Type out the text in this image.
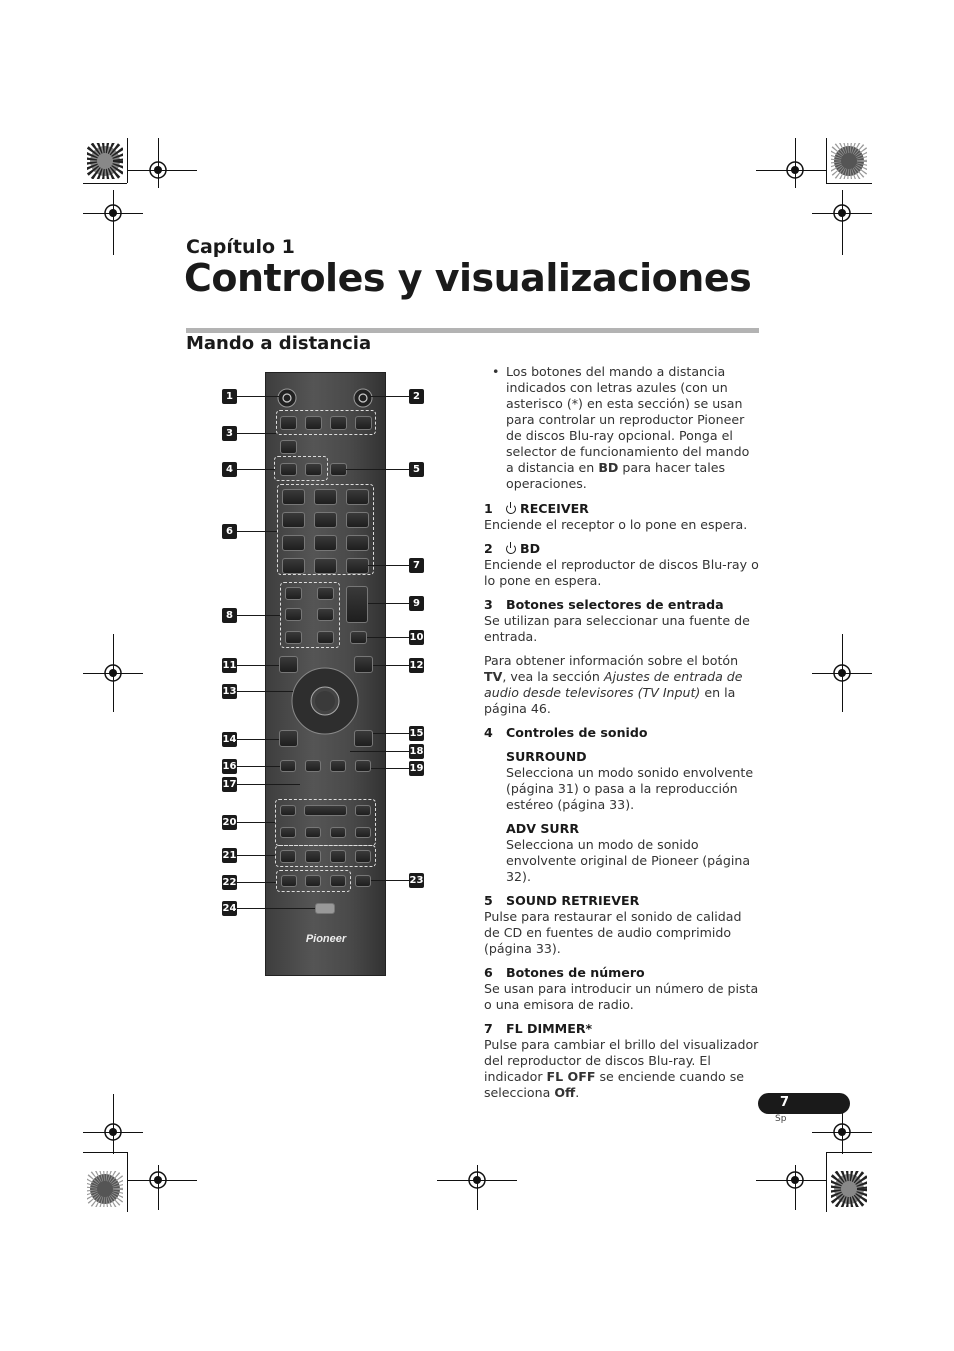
Capítulo 1
Controles y visualizaciones
Mando a distancia
Pioneer
1	2
3
4	5
6
7
8
9
10
11	12
13
14
15
16
17
18
19
20
21
22	23
24
• Los botones del mando a distancia indicados con letras azules (con un asterisco (*) en esta sección) se usan para controlar un reproductor Pioneer de discos Blu-ray opcional. Ponga el selector de funcionamiento del mando a distancia en BD para hacer tales operaciones.

1 RECEIVER

Enciende el receptor o lo pone en espera.

2 BD

Enciende el reproductor de discos Blu-ray o lo pone en espera.

3 Botones selectores de entrada

Se utilizan para seleccionar una fuente de entrada.

Para obtener información sobre el botón TV, vea la sección Ajustes de entrada de audio desde televisores (TV Input) en la página 46.

4 Controles de sonido

SURROUND

Selecciona un modo sonido envolvente (página 31) o pasa a la reproducción estéreo (página 33).

ADV SURR

Selecciona un modo de sonido envolvente original de Pioneer (página 32).

5 SOUND RETRIEVER

Pulse para restaurar el sonido de calidad de CD en fuentes de audio comprimido (página 33).

6 Botones de número

Se usan para introducir un número de pista o una emisora de radio.

7 FL DIMMER*

Pulse para cambiar el brillo del visualizador del reproductor de discos Blu-ray. El indicador FL OFF se enciende cuando se selecciona Off.

7
Sp
